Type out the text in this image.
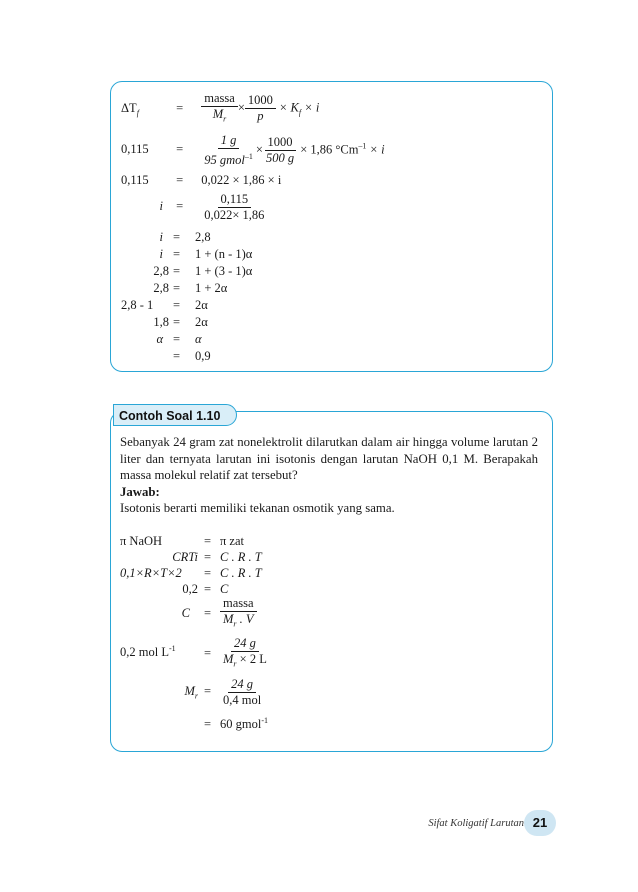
$\Delta T_f$	= $\frac{\text{massa}}{M_r} \times \frac{1000}{p} \times K_f \times i$
$0,115 = \frac{1 g}{95 gmol^{-1}} \times \frac{1000}{500 g} \times 1,86$ $^\circ Cm^{-1} \times i$
0,115 = 0,022 × 1,86 × i
$i = \frac{0,115}{0,022\times 1,86}$
i = 2,8
i = 1 + (n - 1)α
2,8 = 1 + (3 - 1)α
2,8 = 1 + 2α
2,8 - 1 = 2α
1,8 = 2α
α = α
= 0,9
Contoh Soal 1.10

Sebanyak 24 gram zat nonelektrolit dilarutkan dalam air hingga volume larutan 2 liter dan ternyata larutan ini isotonis dengan larutan NaOH 0,1 M. Berapakah massa molekul relatif zat tersebut?

Jawab:

Isotonis berarti memiliki tekanan osmotik yang sama.

π NaOH	= π zat
CRTi = C . R . T
0,1×R×T×2 = C . R . T
0,2 = C
$C = \frac{\text{massa}}{M_r . V}$
0,2 mol $L^{-1} = \frac{24 g}{M_r \times 2 L}$
$M_r = \frac{24 g}{\text{0,4 mol}}$
= 60 gmol$^{-1}$
Sifat Koligatif Larutan 21
